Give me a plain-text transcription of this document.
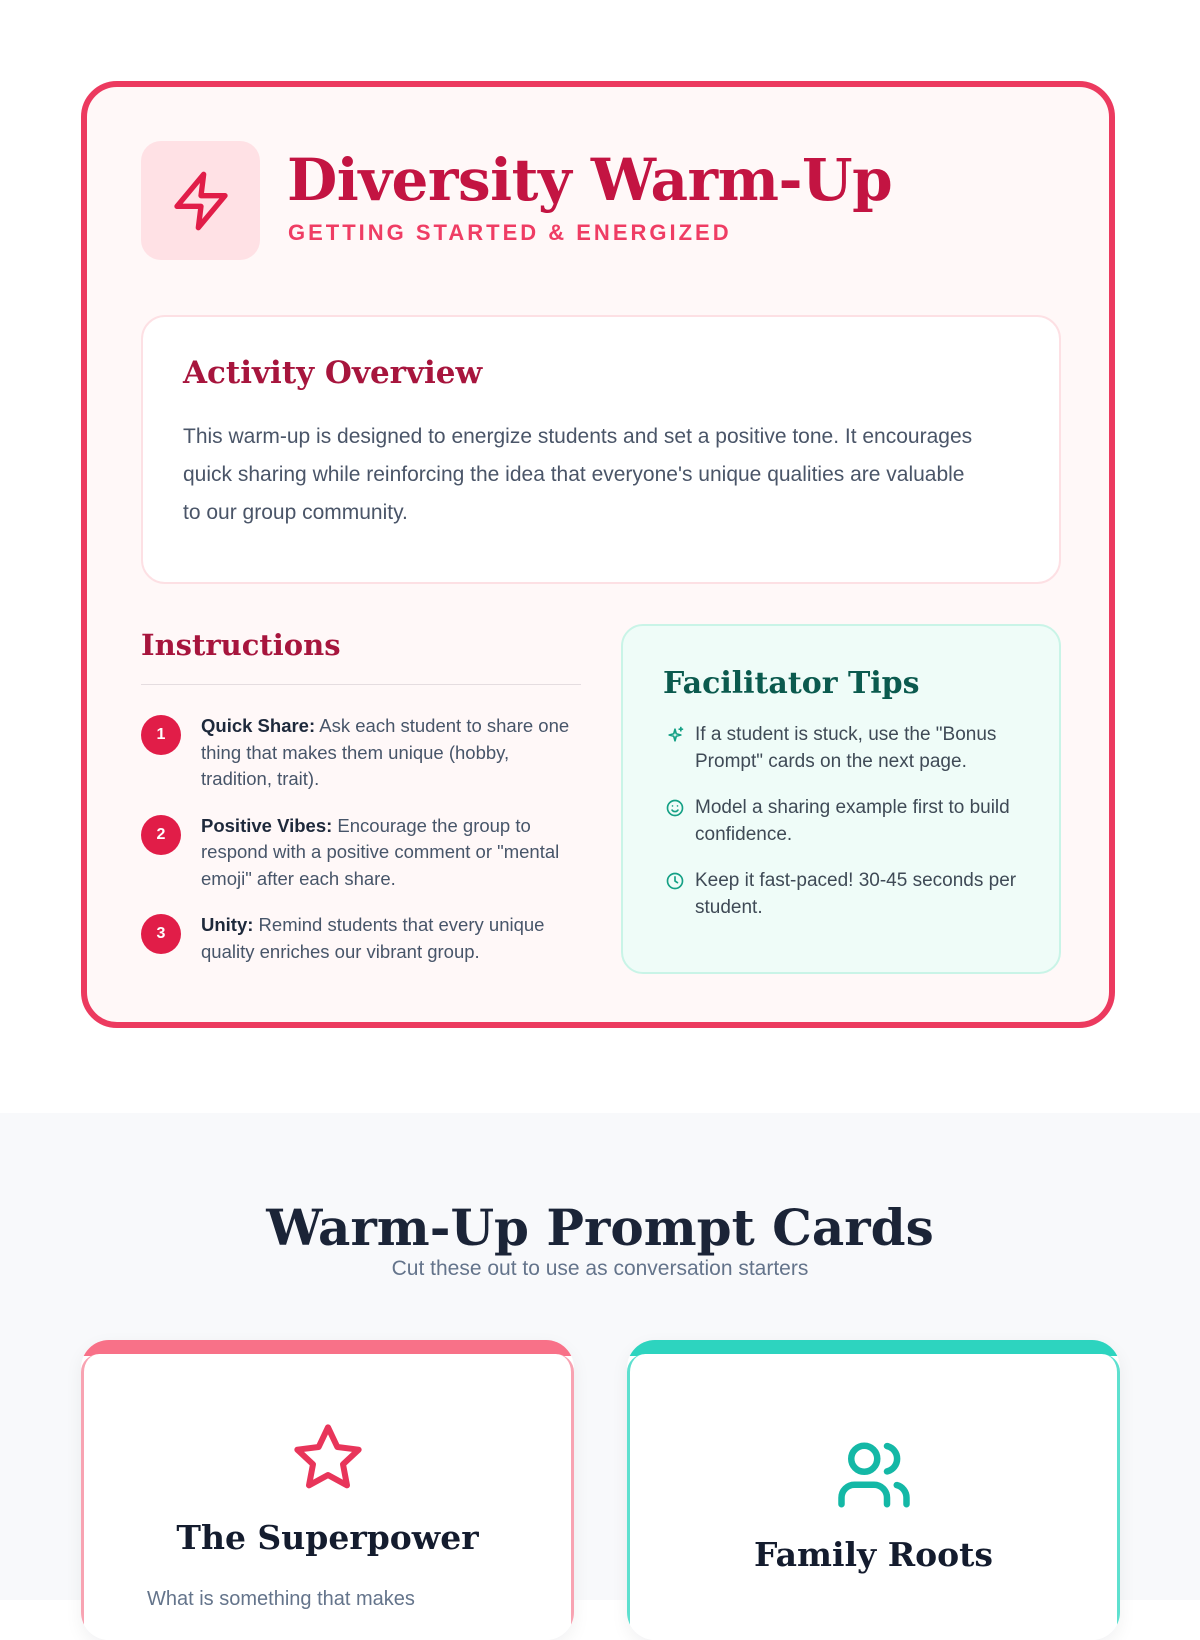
Diversity Warm-Up
GETTING STARTED & ENERGIZED
Activity Overview

This warm-up is designed to energize students and set a positive tone. It encourages quick sharing while reinforcing the idea that everyone's unique qualities are valuable to our group community.

Instructions
1	Quick Share: Ask each student to share one thing that makes them unique (hobby, tradition, trait).
2	Positive Vibes: Encourage the group to respond with a positive comment or "mental emoji" after each share.
3	Unity: Remind students that every unique quality enriches our vibrant group.
Facilitator Tips
If a student is stuck, use the "Bonus Prompt" cards on the next page.
Model a sharing example first to build confidence.
Keep it fast-paced! 30-45 seconds per student.
Warm-Up Prompt Cards
Cut these out to use as conversation starters
The Superpower
What is something that makes
Family Roots
